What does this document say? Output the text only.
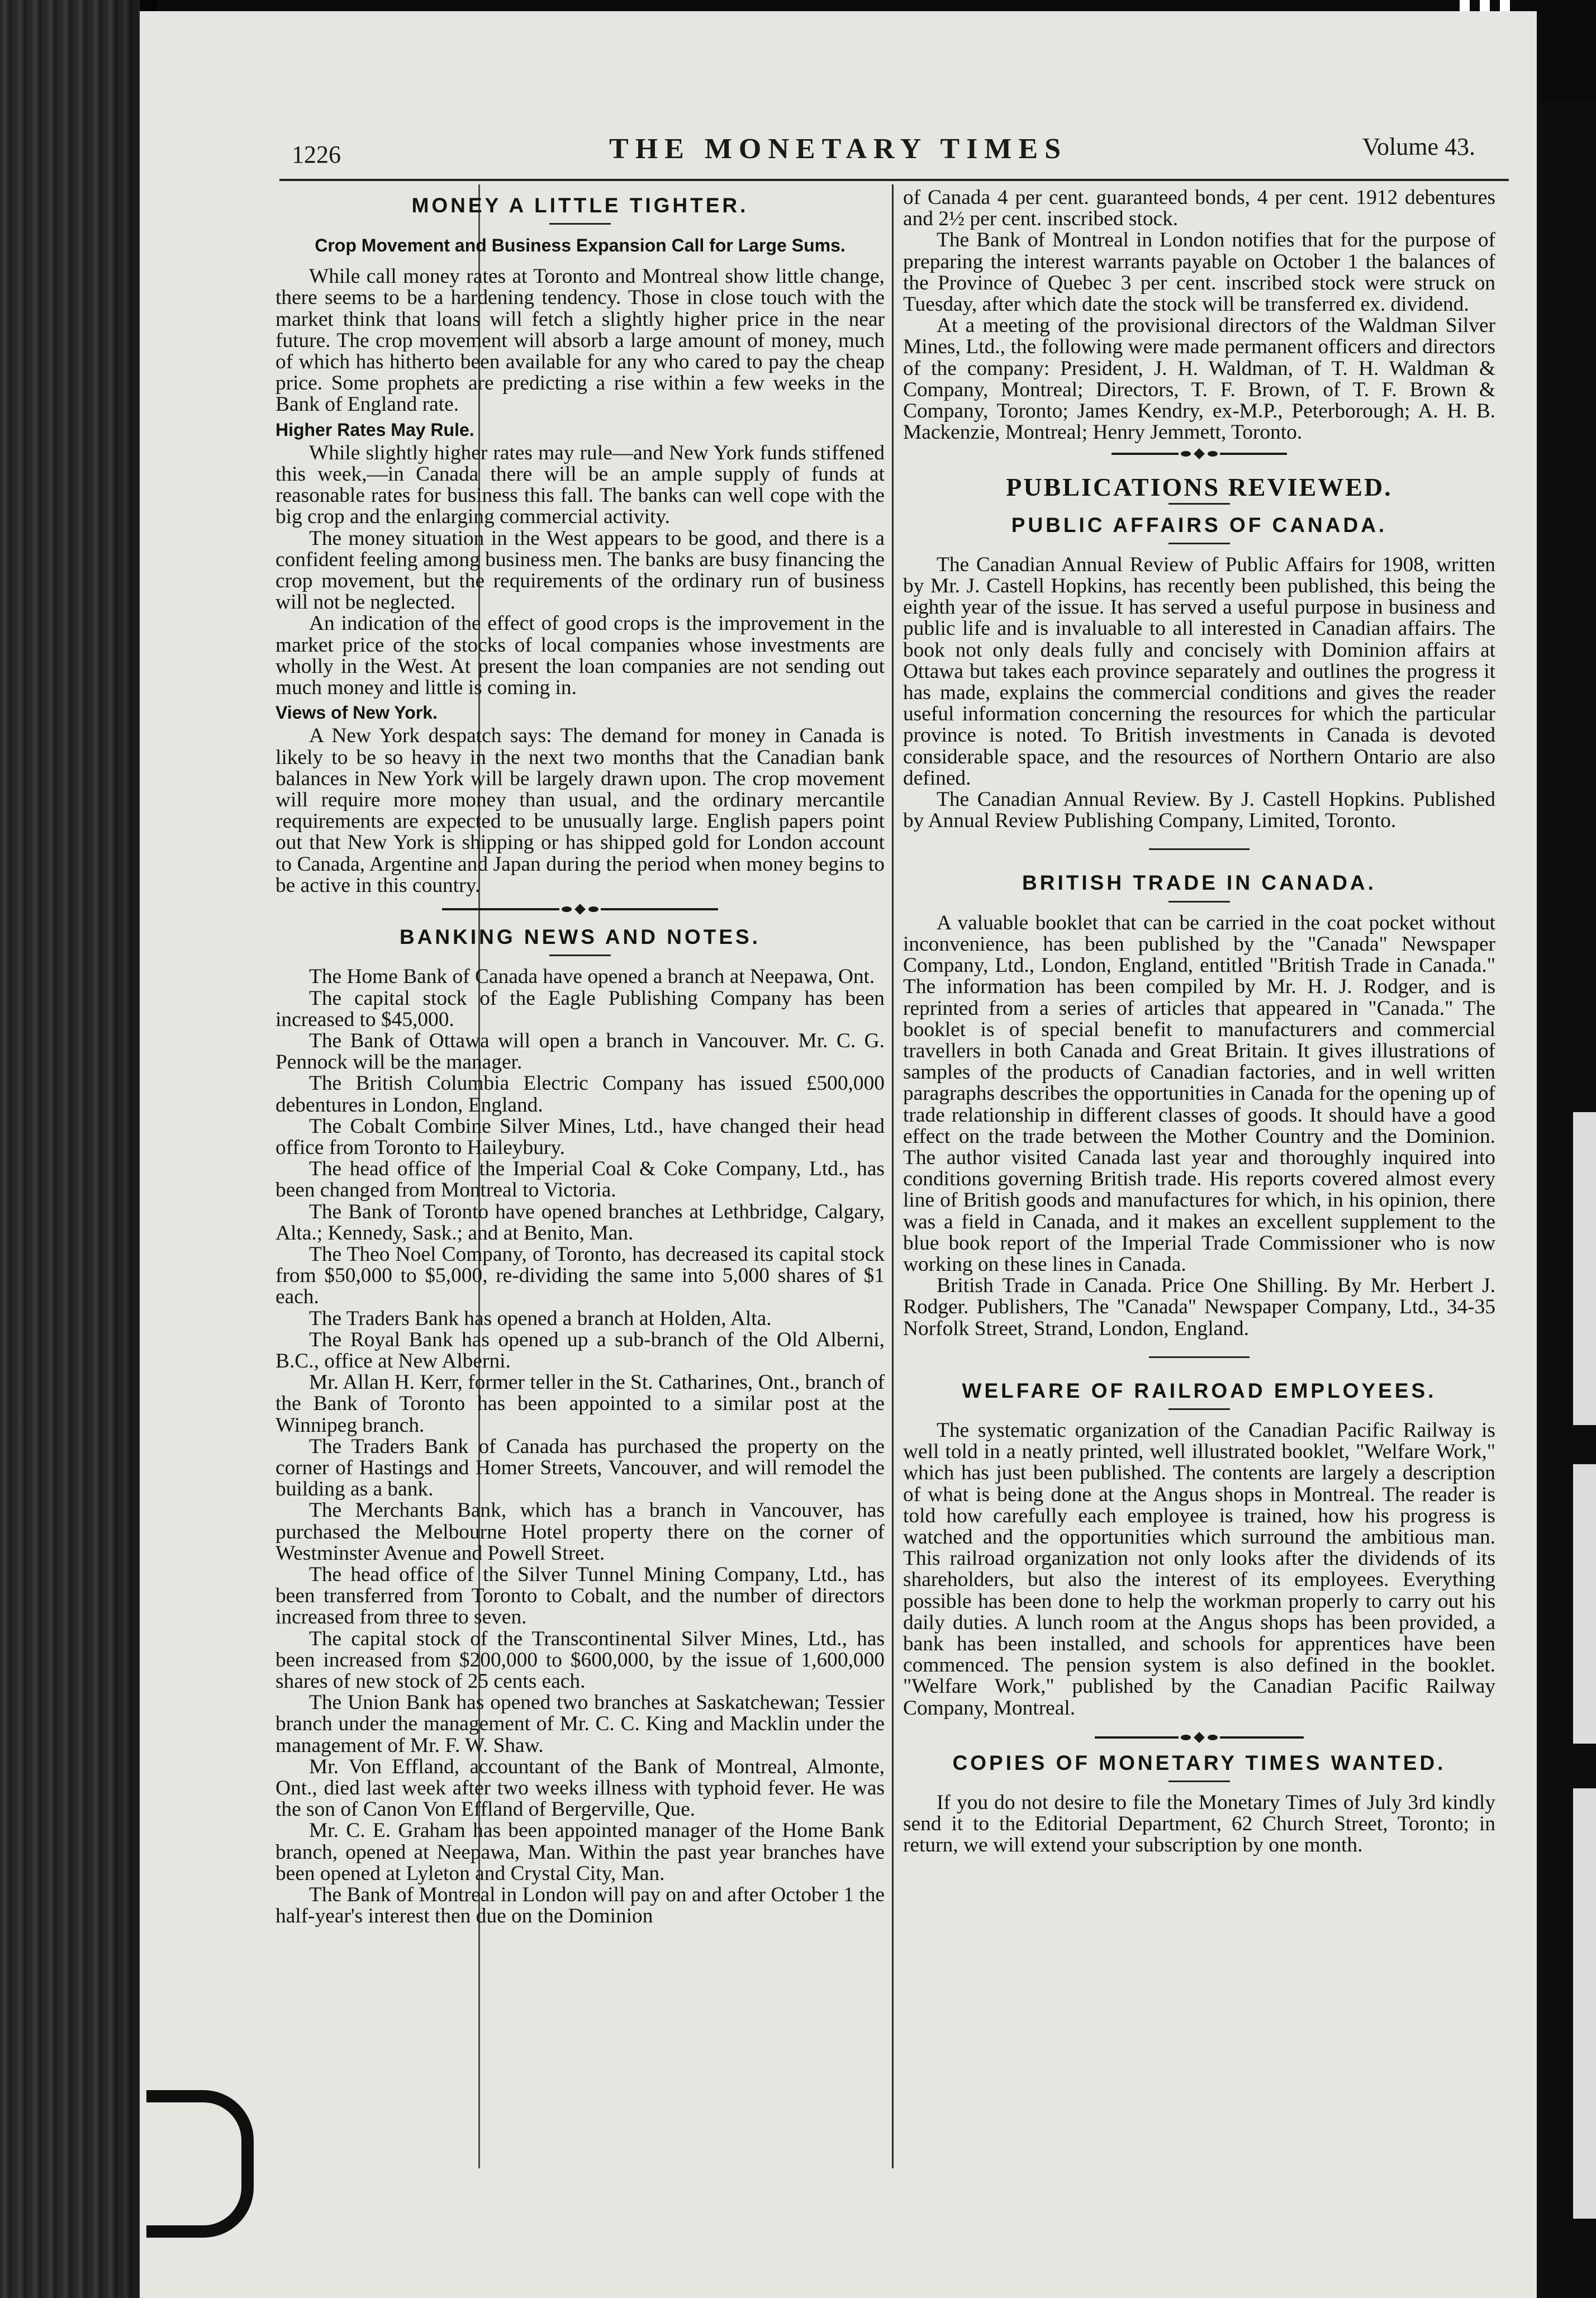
1226	THE MONETARY TIMES	Volume 43.
MONEY A LITTLE TIGHTER.
Crop Movement and Business Expansion Call for Large Sums.

While call money rates at Toronto and Montreal show little change, there seems to be a hardening tendency. Those in close touch with the market think that loans will fetch a slightly higher price in the near future. The crop movement will absorb a large amount of money, much of which has hitherto been available for any who cared to pay the cheap price. Some prophets are predicting a rise within a few weeks in the Bank of England rate.

Higher Rates May Rule.

While slightly higher rates may rule—and New York funds stiffened this week,—in Canada there will be an ample supply of funds at reasonable rates for business this fall. The banks can well cope with the big crop and the enlarging commercial activity.

The money situation in the West appears to be good, and there is a confident feeling among business men. The banks are busy financing the crop movement, but the requirements of the ordinary run of business will not be neglected.

An indication of the effect of good crops is the improvement in the market price of the stocks of local companies whose investments are wholly in the West. At present the loan companies are not sending out much money and little is coming in.

Views of New York.

A New York despatch says: The demand for money in Canada is likely to be so heavy in the next two months that the Canadian bank balances in New York will be largely drawn upon. The crop movement will require more money than usual, and the ordinary mercantile requirements are expected to be unusually large. English papers point out that New York is shipping or has shipped gold for London account to Canada, Argentine and Japan during the period when money begins to be active in this country.

BANKING NEWS AND NOTES.

The Home Bank of Canada have opened a branch at Neepawa, Ont.

The capital stock of the Eagle Publishing Company has been increased to $45,000.

The Bank of Ottawa will open a branch in Vancouver. Mr. C. G. Pennock will be the manager.

The British Columbia Electric Company has issued £500,000 debentures in London, England.

The Cobalt Combine Silver Mines, Ltd., have changed their head office from Toronto to Haileybury.

The head office of the Imperial Coal & Coke Company, Ltd., has been changed from Montreal to Victoria.

The Bank of Toronto have opened branches at Lethbridge, Calgary, Alta.; Kennedy, Sask.; and at Benito, Man.

The Theo Noel Company, of Toronto, has decreased its capital stock from $50,000 to $5,000, re-dividing the same into 5,000 shares of $1 each.

The Traders Bank has opened a branch at Holden, Alta.

The Royal Bank has opened up a sub-branch of the Old Alberni, B.C., office at New Alberni.

Mr. Allan H. Kerr, former teller in the St. Catharines, Ont., branch of the Bank of Toronto has been appointed to a similar post at the Winnipeg branch.

The Traders Bank of Canada has purchased the property on the corner of Hastings and Homer Streets, Vancouver, and will remodel the building as a bank.

The Merchants Bank, which has a branch in Vancouver, has purchased the Melbourne Hotel property there on the corner of Westminster Avenue and Powell Street.

The head office of the Silver Tunnel Mining Company, Ltd., has been transferred from Toronto to Cobalt, and the number of directors increased from three to seven.

The capital stock of the Transcontinental Silver Mines, Ltd., has been increased from $200,000 to $600,000, by the issue of 1,600,000 shares of new stock of 25 cents each.

The Union Bank has opened two branches at Saskatchewan; Tessier branch under the management of Mr. C. C. King and Macklin under the management of Mr. F. W. Shaw.

Mr. Von Effland, accountant of the Bank of Montreal, Almonte, Ont., died last week after two weeks illness with typhoid fever. He was the son of Canon Von Effland of Bergerville, Que.

Mr. C. E. Graham has been appointed manager of the Home Bank branch, opened at Neepawa, Man. Within the past year branches have been opened at Lyleton and Crystal City, Man.

The Bank of Montreal in London will pay on and after October 1 the half-year's interest then due on the Dominion

of Canada 4 per cent. guaranteed bonds, 4 per cent. 1912 debentures and 2½ per cent. inscribed stock.

The Bank of Montreal in London notifies that for the purpose of preparing the interest warrants payable on October 1 the balances of the Province of Quebec 3 per cent. inscribed stock were struck on Tuesday, after which date the stock will be transferred ex. dividend.

At a meeting of the provisional directors of the Waldman Silver Mines, Ltd., the following were made permanent officers and directors of the company: President, J. H. Waldman, of T. H. Waldman & Company, Montreal; Directors, T. F. Brown, of T. F. Brown & Company, Toronto; James Kendry, ex-M.P., Peterborough; A. H. B. Mackenzie, Montreal; Henry Jemmett, Toronto.

PUBLICATIONS REVIEWED.
PUBLIC AFFAIRS OF CANADA.

The Canadian Annual Review of Public Affairs for 1908, written by Mr. J. Castell Hopkins, has recently been published, this being the eighth year of the issue. It has served a useful purpose in business and public life and is invaluable to all interested in Canadian affairs. The book not only deals fully and concisely with Dominion affairs at Ottawa but takes each province separately and outlines the progress it has made, explains the commercial conditions and gives the reader useful information concerning the resources for which the particular province is noted. To British investments in Canada is devoted considerable space, and the resources of Northern Ontario are also defined.

The Canadian Annual Review. By J. Castell Hopkins. Published by Annual Review Publishing Company, Limited, Toronto.

BRITISH TRADE IN CANADA.

A valuable booklet that can be carried in the coat pocket without inconvenience, has been published by the "Canada" Newspaper Company, Ltd., London, England, entitled "British Trade in Canada." The information has been compiled by Mr. H. J. Rodger, and is reprinted from a series of articles that appeared in "Canada." The booklet is of special benefit to manufacturers and commercial travellers in both Canada and Great Britain. It gives illustrations of samples of the products of Canadian factories, and in well written paragraphs describes the opportunities in Canada for the opening up of trade relationship in different classes of goods. It should have a good effect on the trade between the Mother Country and the Dominion. The author visited Canada last year and thoroughly inquired into conditions governing British trade. His reports covered almost every line of British goods and manufactures for which, in his opinion, there was a field in Canada, and it makes an excellent supplement to the blue book report of the Imperial Trade Commissioner who is now working on these lines in Canada.

British Trade in Canada. Price One Shilling. By Mr. Herbert J. Rodger. Publishers, The "Canada" Newspaper Company, Ltd., 34-35 Norfolk Street, Strand, London, England.

WELFARE OF RAILROAD EMPLOYEES.

The systematic organization of the Canadian Pacific Railway is well told in a neatly printed, well illustrated booklet, "Welfare Work," which has just been published. The contents are largely a description of what is being done at the Angus shops in Montreal. The reader is told how carefully each employee is trained, how his progress is watched and the opportunities which surround the ambitious man. This railroad organization not only looks after the dividends of its shareholders, but also the interest of its employees. Everything possible has been done to help the workman properly to carry out his daily duties. A lunch room at the Angus shops has been provided, a bank has been installed, and schools for apprentices have been commenced. The pension system is also defined in the booklet. "Welfare Work," published by the Canadian Pacific Railway Company, Montreal.

COPIES OF MONETARY TIMES WANTED.

If you do not desire to file the Monetary Times of July 3rd kindly send it to the Editorial Department, 62 Church Street, Toronto; in return, we will extend your subscription by one month.
